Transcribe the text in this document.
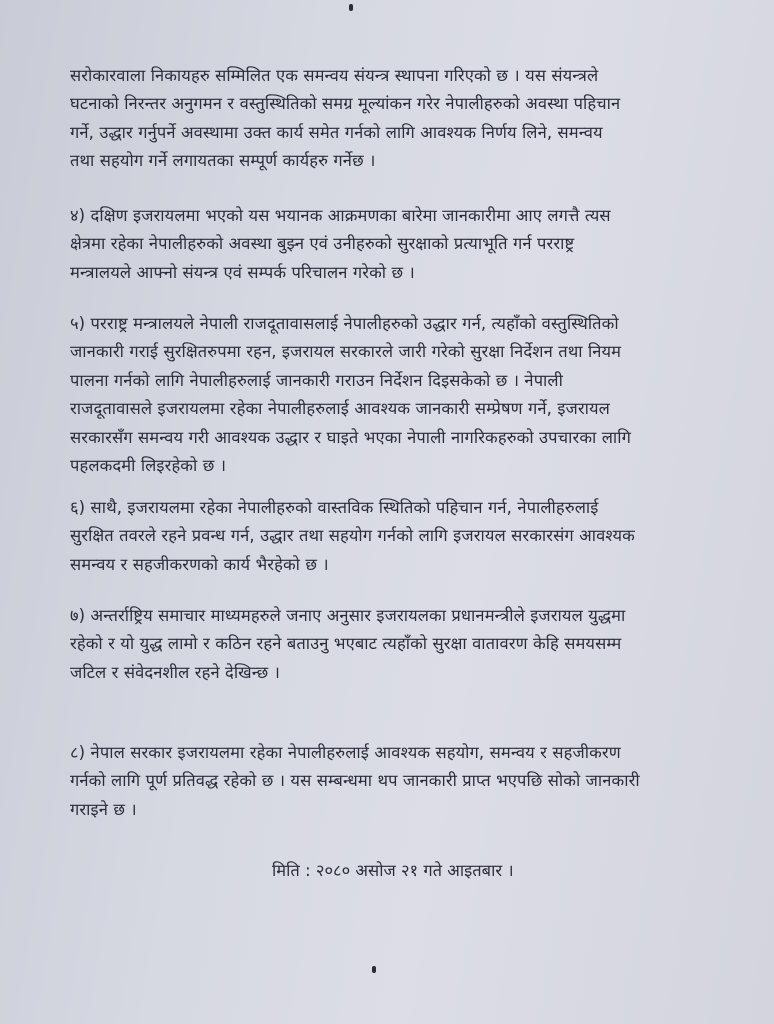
सरोकारवाला निकायहरु सम्मिलित एक समन्वय संयन्त्र स्थापना गरिएको छ । यस संयन्त्रले
घटनाको निरन्तर अनुगमन र वस्तुस्थितिको समग्र मूल्यांकन गरेर नेपालीहरुको अवस्था पहिचान
गर्ने, उद्धार गर्नुपर्ने अवस्थामा उक्त कार्य समेत गर्नको लागि आवश्यक निर्णय लिने, समन्वय
तथा सहयोग गर्ने लगायतका सम्पूर्ण कार्यहरु गर्नेछ ।
४) दक्षिण इजरायलमा भएको यस भयानक आक्रमणका बारेमा जानकारीमा आए लगत्तै त्यस
क्षेत्रमा रहेका नेपालीहरुको अवस्था बुझ्न एवं उनीहरुको सुरक्षाको प्रत्याभूति गर्न परराष्ट्र
मन्त्रालयले आफ्नो संयन्त्र एवं सम्पर्क परिचालन गरेको छ ।
५) परराष्ट्र मन्त्रालयले नेपाली राजदूतावासलाई नेपालीहरुको उद्धार गर्न, त्यहाँको वस्तुस्थितिको
जानकारी गराई सुरक्षितरुपमा रहन, इजरायल सरकारले जारी गरेको सुरक्षा निर्देशन तथा नियम
पालना गर्नको लागि नेपालीहरुलाई जानकारी गराउन निर्देशन दिइसकेको छ । नेपाली
राजदूतावासले इजरायलमा रहेका नेपालीहरुलाई आवश्यक जानकारी सम्प्रेषण गर्ने, इजरायल
सरकारसँग समन्वय गरी आवश्यक उद्धार र घाइते भएका नेपाली नागरिकहरुको उपचारका लागि
पहलकदमी लिइरहेको छ ।
६) साथै, इजरायलमा रहेका नेपालीहरुको वास्तविक स्थितिको पहिचान गर्न, नेपालीहरुलाई
सुरक्षित तवरले रहने प्रवन्ध गर्न, उद्धार तथा सहयोग गर्नको लागि इजरायल सरकारसंग आवश्यक
समन्वय र सहजीकरणको कार्य भैरहेको छ ।
७) अन्तर्राष्ट्रिय समाचार माध्यमहरुले जनाए अनुसार इजरायलका प्रधानमन्त्रीले इजरायल युद्धमा
रहेको र यो युद्ध लामो र कठिन रहने बताउनु भएबाट त्यहाँको सुरक्षा वातावरण केहि समयसम्म
जटिल र संवेदनशील रहने देखिन्छ ।
८) नेपाल सरकार इजरायलमा रहेका नेपालीहरुलाई आवश्यक सहयोग, समन्वय र सहजीकरण
गर्नको लागि पूर्ण प्रतिवद्ध रहेको छ । यस सम्बन्धमा थप जानकारी प्राप्त भएपछि सोको जानकारी
गराइने छ ।
मिति : २०८० असोज २१ गते आइतबार ।
